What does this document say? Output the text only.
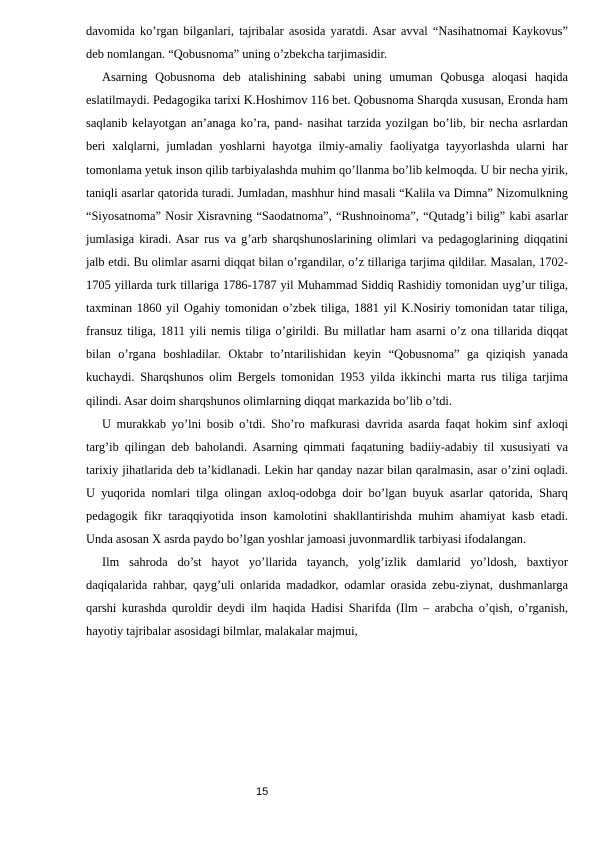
davomida ko’rgan bilganlari, tajribalar asosida yaratdi. Asar avval “Nasihatnomai Kaykovus” deb nomlangan. “Qobusnoma” uning o’zbekcha tarjimasidir.

Asarning Qobusnoma deb atalishining sababi uning umuman Qobusga aloqasi haqida eslatilmaydi. Pedagogika tarixi K.Hoshimov 116 bet. Qobusnoma Sharqda xususan, Eronda ham saqlanib kelayotgan an’anaga ko’ra, pand- nasihat tarzida yozilgan bo’lib, bir necha asrlardan beri xalqlarni, jumladan yoshlarni hayotga ilmiy-amaliy faoliyatga tayyorlashda ularni har tomonlama yetuk inson qilib tarbiyalashda muhim qo’llanma bo’lib kelmoqda. U bir necha yirik, taniqli asarlar qatorida turadi. Jumladan, mashhur hind masali “Kalila va Dimna” Nizomulkning “Siyosatnoma” Nosir Xisravning “Saodatnoma”, “Rushnoinoma”, “Qutadg’i bilig” kabi asarlar jumlasiga kiradi. Asar rus va g’arb sharqshunoslarining olimlari va pedagoglarining diqqatini jalb etdi. Bu olimlar asarni diqqat bilan o’rgandilar, o’z tillariga tarjima qildilar. Masalan, 1702-1705 yillarda turk tillariga 1786-1787 yil Muhammad Siddiq Rashidiy tomonidan uyg’ur tiliga, taxminan 1860 yil Ogahiy tomonidan o’zbek tiliga, 1881 yil K.Nosiriy tomonidan tatar tiliga, fransuz tiliga, 1811 yili nemis tiliga o’girildi. Bu millatlar ham asarni o’z ona tillarida diqqat bilan o’rgana boshladilar. Oktabr to’ntarilishidan keyin “Qobusnoma” ga qiziqish yanada kuchaydi. Sharqshunos olim Bergels tomonidan 1953 yilda ikkinchi marta rus tiliga tarjima qilindi. Asar doim sharqshunos olimlarning diqqat markazida bo’lib o’tdi.

U murakkab yo’lni bosib o’tdi. Sho’ro mafkurasi davrida asarda faqat hokim sinf axloqi targ’ib qilingan deb baholandi. Asarning qimmati faqatuning badiiy-adabiy til xususiyati va tarixiy jihatlarida deb ta’kidlanadi. Lekin har qanday nazar bilan qaralmasin, asar o’zini oqladi. U yuqorida nomlari tilga olingan axloq-odobga doir bo’lgan buyuk asarlar qatorida, Sharq pedagogik fikr taraqqiyotida inson kamolotini shakllantirishda muhim ahamiyat kasb etadi. Unda asosan X asrda paydo bo’lgan yoshlar jamoasi juvonmardlik tarbiyasi ifodalangan.

Ilm sahroda do’st hayot yo’llarida tayanch, yolg’izlik damlarid yo’ldosh, baxtiyor daqiqalarida rahbar, qayg’uli onlarida madadkor, odamlar orasida zebu-ziynat, dushmanlarga qarshi kurashda quroldir deydi ilm haqida Hadisi Sharifda (Ilm – arabcha o’qish, o’rganish, hayotiy tajribalar asosidagi bilmlar, malakalar majmui,

15
